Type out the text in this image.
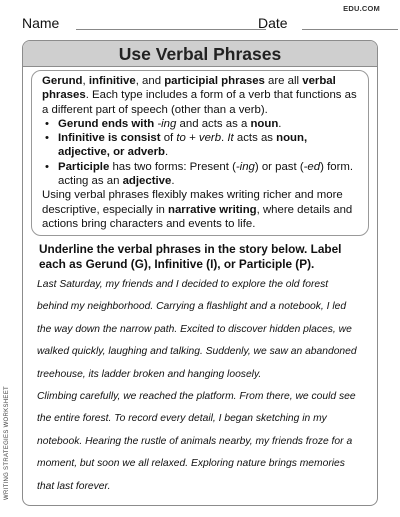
Name	Date
EDU.COM
Use Verbal Phrases
Gerund, infinitive, and participial phrases are all verbal phrases. Each type includes a form of a verb that functions as a different part of speech (other than a verb).
• Gerund ends with -ing and acts as a noun.
• Infinitive is consist of to + verb. It acts as noun, adjective, or adverb.
• Participle has two forms: Present (-ing) or past (-ed) form. acting as an adjective.
Using verbal phrases flexibly makes writing richer and more descriptive, especially in narrative writing, where details and actions bring characters and events to life.
Underline the verbal phrases in the story below. Label each as Gerund (G), Infinitive (I), or Participle (P).
Last Saturday, my friends and I decided to explore the old forest
behind my neighborhood. Carrying a flashlight and a notebook, I led
the way down the narrow path. Excited to discover hidden places, we
walked quickly, laughing and talking. Suddenly, we saw an abandoned
treehouse, its ladder broken and hanging loosely.
Climbing carefully, we reached the platform. From there, we could see
the entire forest. To record every detail, I began sketching in my
notebook. Hearing the rustle of animals nearby, my friends froze for a
moment, but soon we all relaxed. Exploring nature brings memories
that last forever.
WRITING STRATEGIES WORKSHEET
